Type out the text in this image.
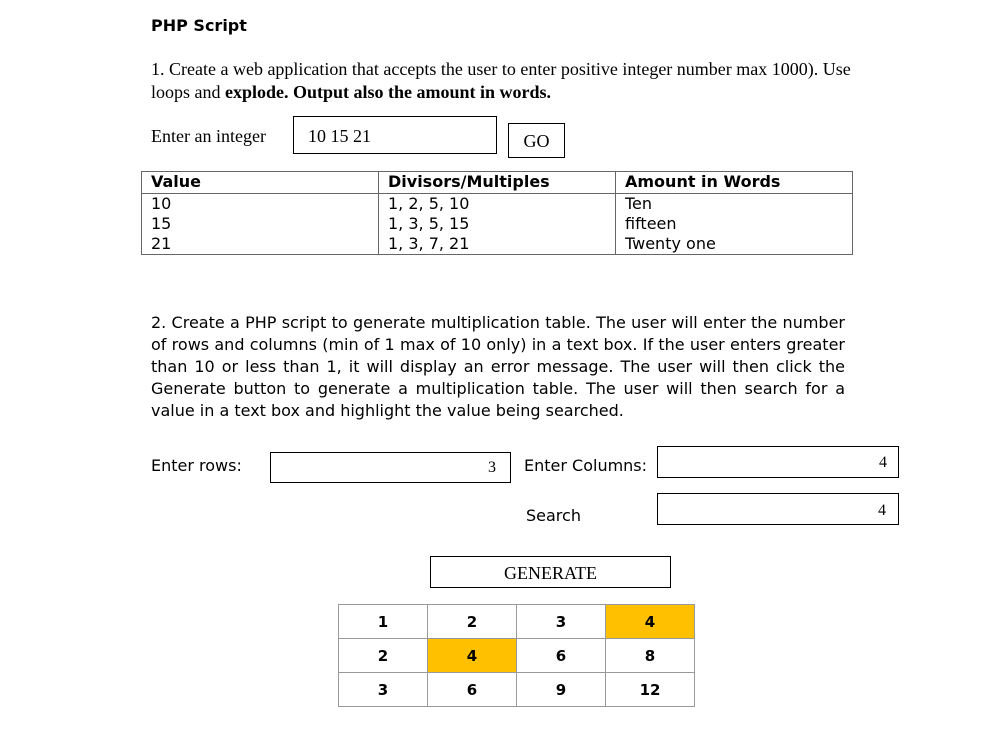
PHP Script
1. Create a web application that accepts the user to enter positive integer number max 1000). Use loops and explode. Output also the amount in words.
Enter an integer	10 15 21	GO
Value	Divisors/Multiples	Amount in Words
10	1, 2, 5, 10	Ten
15	1, 3, 5, 15	fifteen
21	1, 3, 7, 21	Twenty one
2. Create a PHP script to generate multiplication table. The user will enter the number of rows and columns (min of 1 max of 10 only) in a text box. If the user enters greater than 10 or less than 1, it will display an error message. The user will then click the Generate button to generate a multiplication table. The user will then search for a value in a text box and highlight the value being searched.
Enter rows:	3	Enter Columns:	4
Search	4
GENERATE
1	2	3	4
2	4	6	8
3	6	9	12
